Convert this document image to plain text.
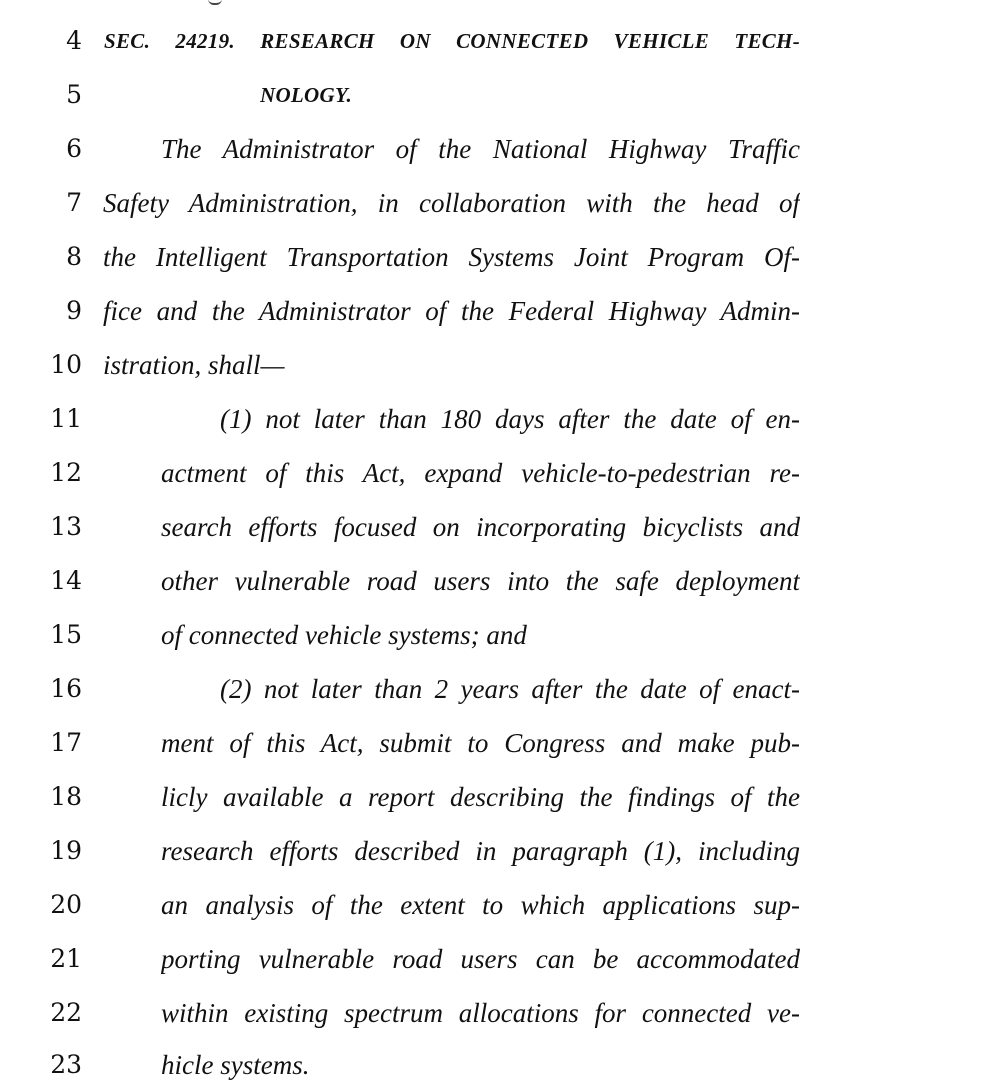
4 SEC. 24219. RESEARCH ON CONNECTED VEHICLE TECH-
5	NOLOGY.
6	The Administrator of the National Highway Traffic
7 Safety Administration, in collaboration with the head of
8 the Intelligent Transportation Systems Joint Program Of-
9 fice and the Administrator of the Federal Highway Admin-
10 istration, shall—
11	(1) not later than 180 days after the date of en-
12	actment of this Act, expand vehicle-to-pedestrian re-
13	search efforts focused on incorporating bicyclists and
14	other vulnerable road users into the safe deployment
15	of connected vehicle systems; and
16	(2) not later than 2 years after the date of enact-
17	ment of this Act, submit to Congress and make pub-
18	licly available a report describing the findings of the
19	research efforts described in paragraph (1), including
20	an analysis of the extent to which applications sup-
21	porting vulnerable road users can be accommodated
22	within existing spectrum allocations for connected ve-
23	hicle systems.
